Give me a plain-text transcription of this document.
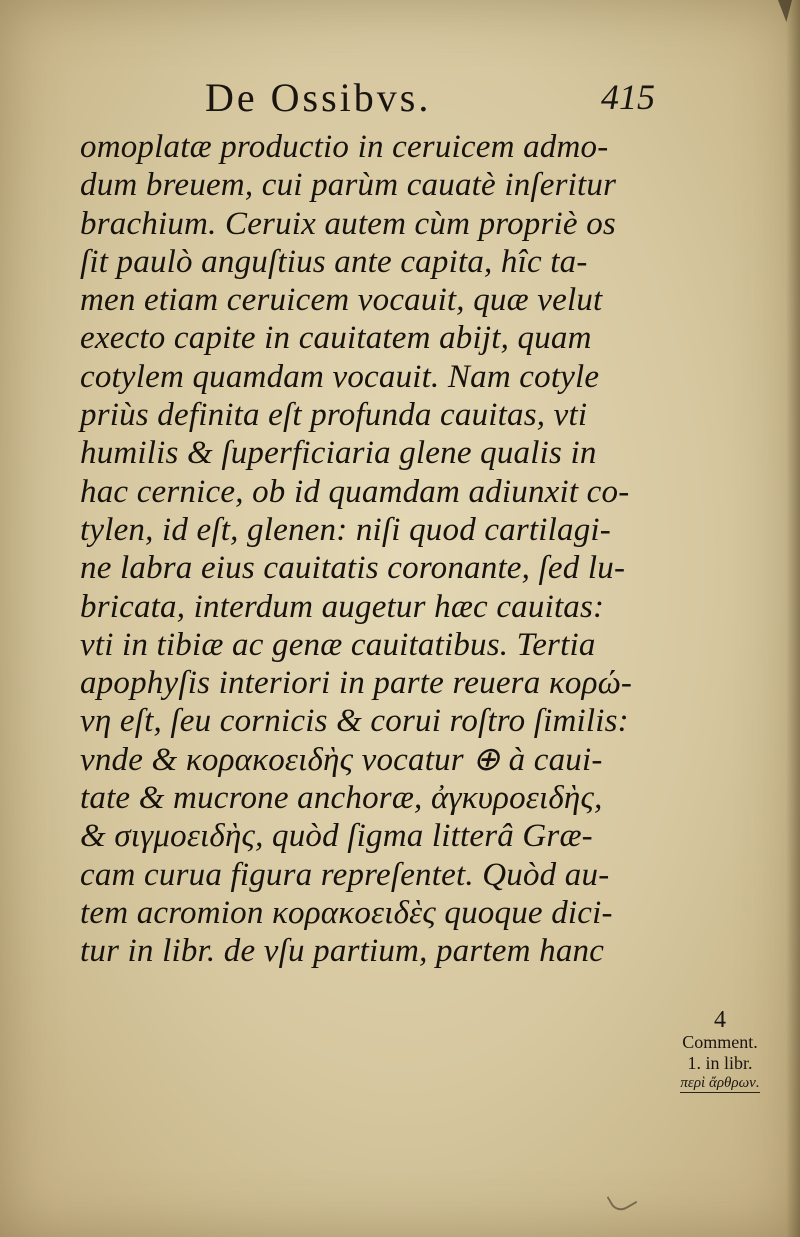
De Ossibvs.	415
omoplatæ productio in ceruicem admo-
dum breuem, cui parùm cauatè inſeritur
brachium. Ceruix autem cùm propriè os
ſit paulò anguſtius ante capita, hîc ta-
men etiam ceruicem vocauit, quæ velut
execto capite in cauitatem abijt, quam
cotylem quamdam vocauit. Nam cotyle
priùs definita eſt profunda cauitas, vti
humilis & ſuperficiaria glene qualis in
hac cernice, ob id quamdam adiunxit co-
tylen, id eſt, glenen: niſi quod cartilagi-
ne labra eius cauitatis coronante, ſed lu-
bricata, interdum augetur hæc cauitas:
vti in tibiæ ac genæ cauitatibus. Tertia
apophyſis interiori in parte reuera κορώ-
νη eſt, ſeu cornicis & corui roſtro ſimilis:
vnde & κορακοειδὴς vocatur ⊕ à caui-
tate & mucrone anchoræ, ἀγκυροειδὴς,
& σιγμοειδὴς, quòd ſigma litterâ Græ-
cam curua figura repreſentet. Quòd au-
tem acromion κορακοειδὲς quoque dici-
tur in libr. de vſu partium, partem hanc
4
Comment.
1. in libr.
περὶ ἄρθρων.
